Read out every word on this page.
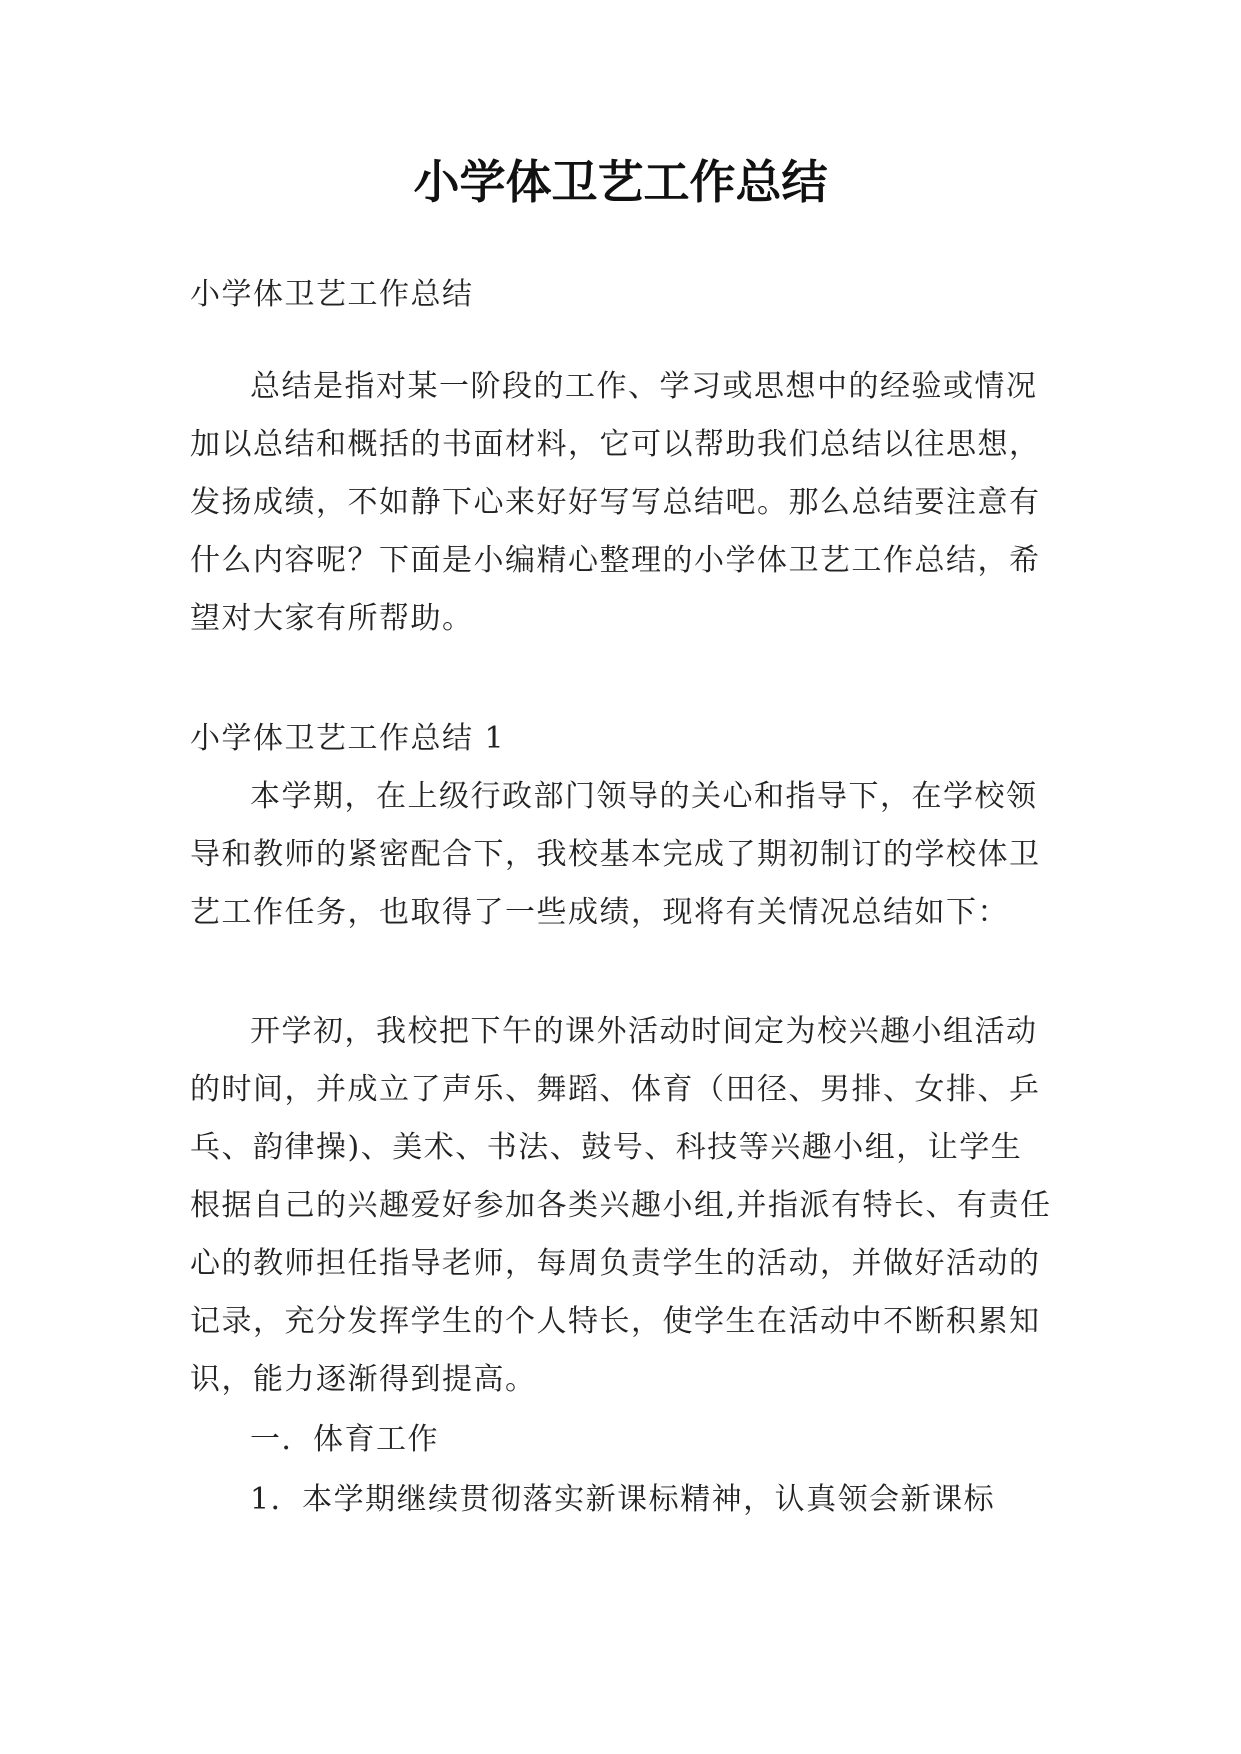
小学体卫艺工作总结

小学体卫艺工作总结

总结是指对某一阶段的工作、学习或思想中的经验或情况加以总结和概括的书面材料，它可以帮助我们总结以往思想，发扬成绩，不如静下心来好好写写总结吧。那么总结要注意有什么内容呢？下面是小编精心整理的小学体卫艺工作总结，希望对大家有所帮助。

小学体卫艺工作总结 1

本学期，在上级行政部门领导的关心和指导下，在学校领导和教师的紧密配合下，我校基本完成了期初制订的学校体卫艺工作任务，也取得了一些成绩，现将有关情况总结如下：

开学初，我校把下午的课外活动时间定为校兴趣小组活动的时间，并成立了声乐、舞蹈、体育（田径、男排、女排、乒乓、韵律操)、美术、书法、鼓号、科技等兴趣小组，让学生根据自己的兴趣爱好参加各类兴趣小组,并指派有特长、有责任心的教师担任指导老师，每周负责学生的活动，并做好活动的记录，充分发挥学生的个人特长，使学生在活动中不断积累知识，能力逐渐得到提高。

一．体育工作

1．本学期继续贯彻落实新课标精神，认真领会新课标
